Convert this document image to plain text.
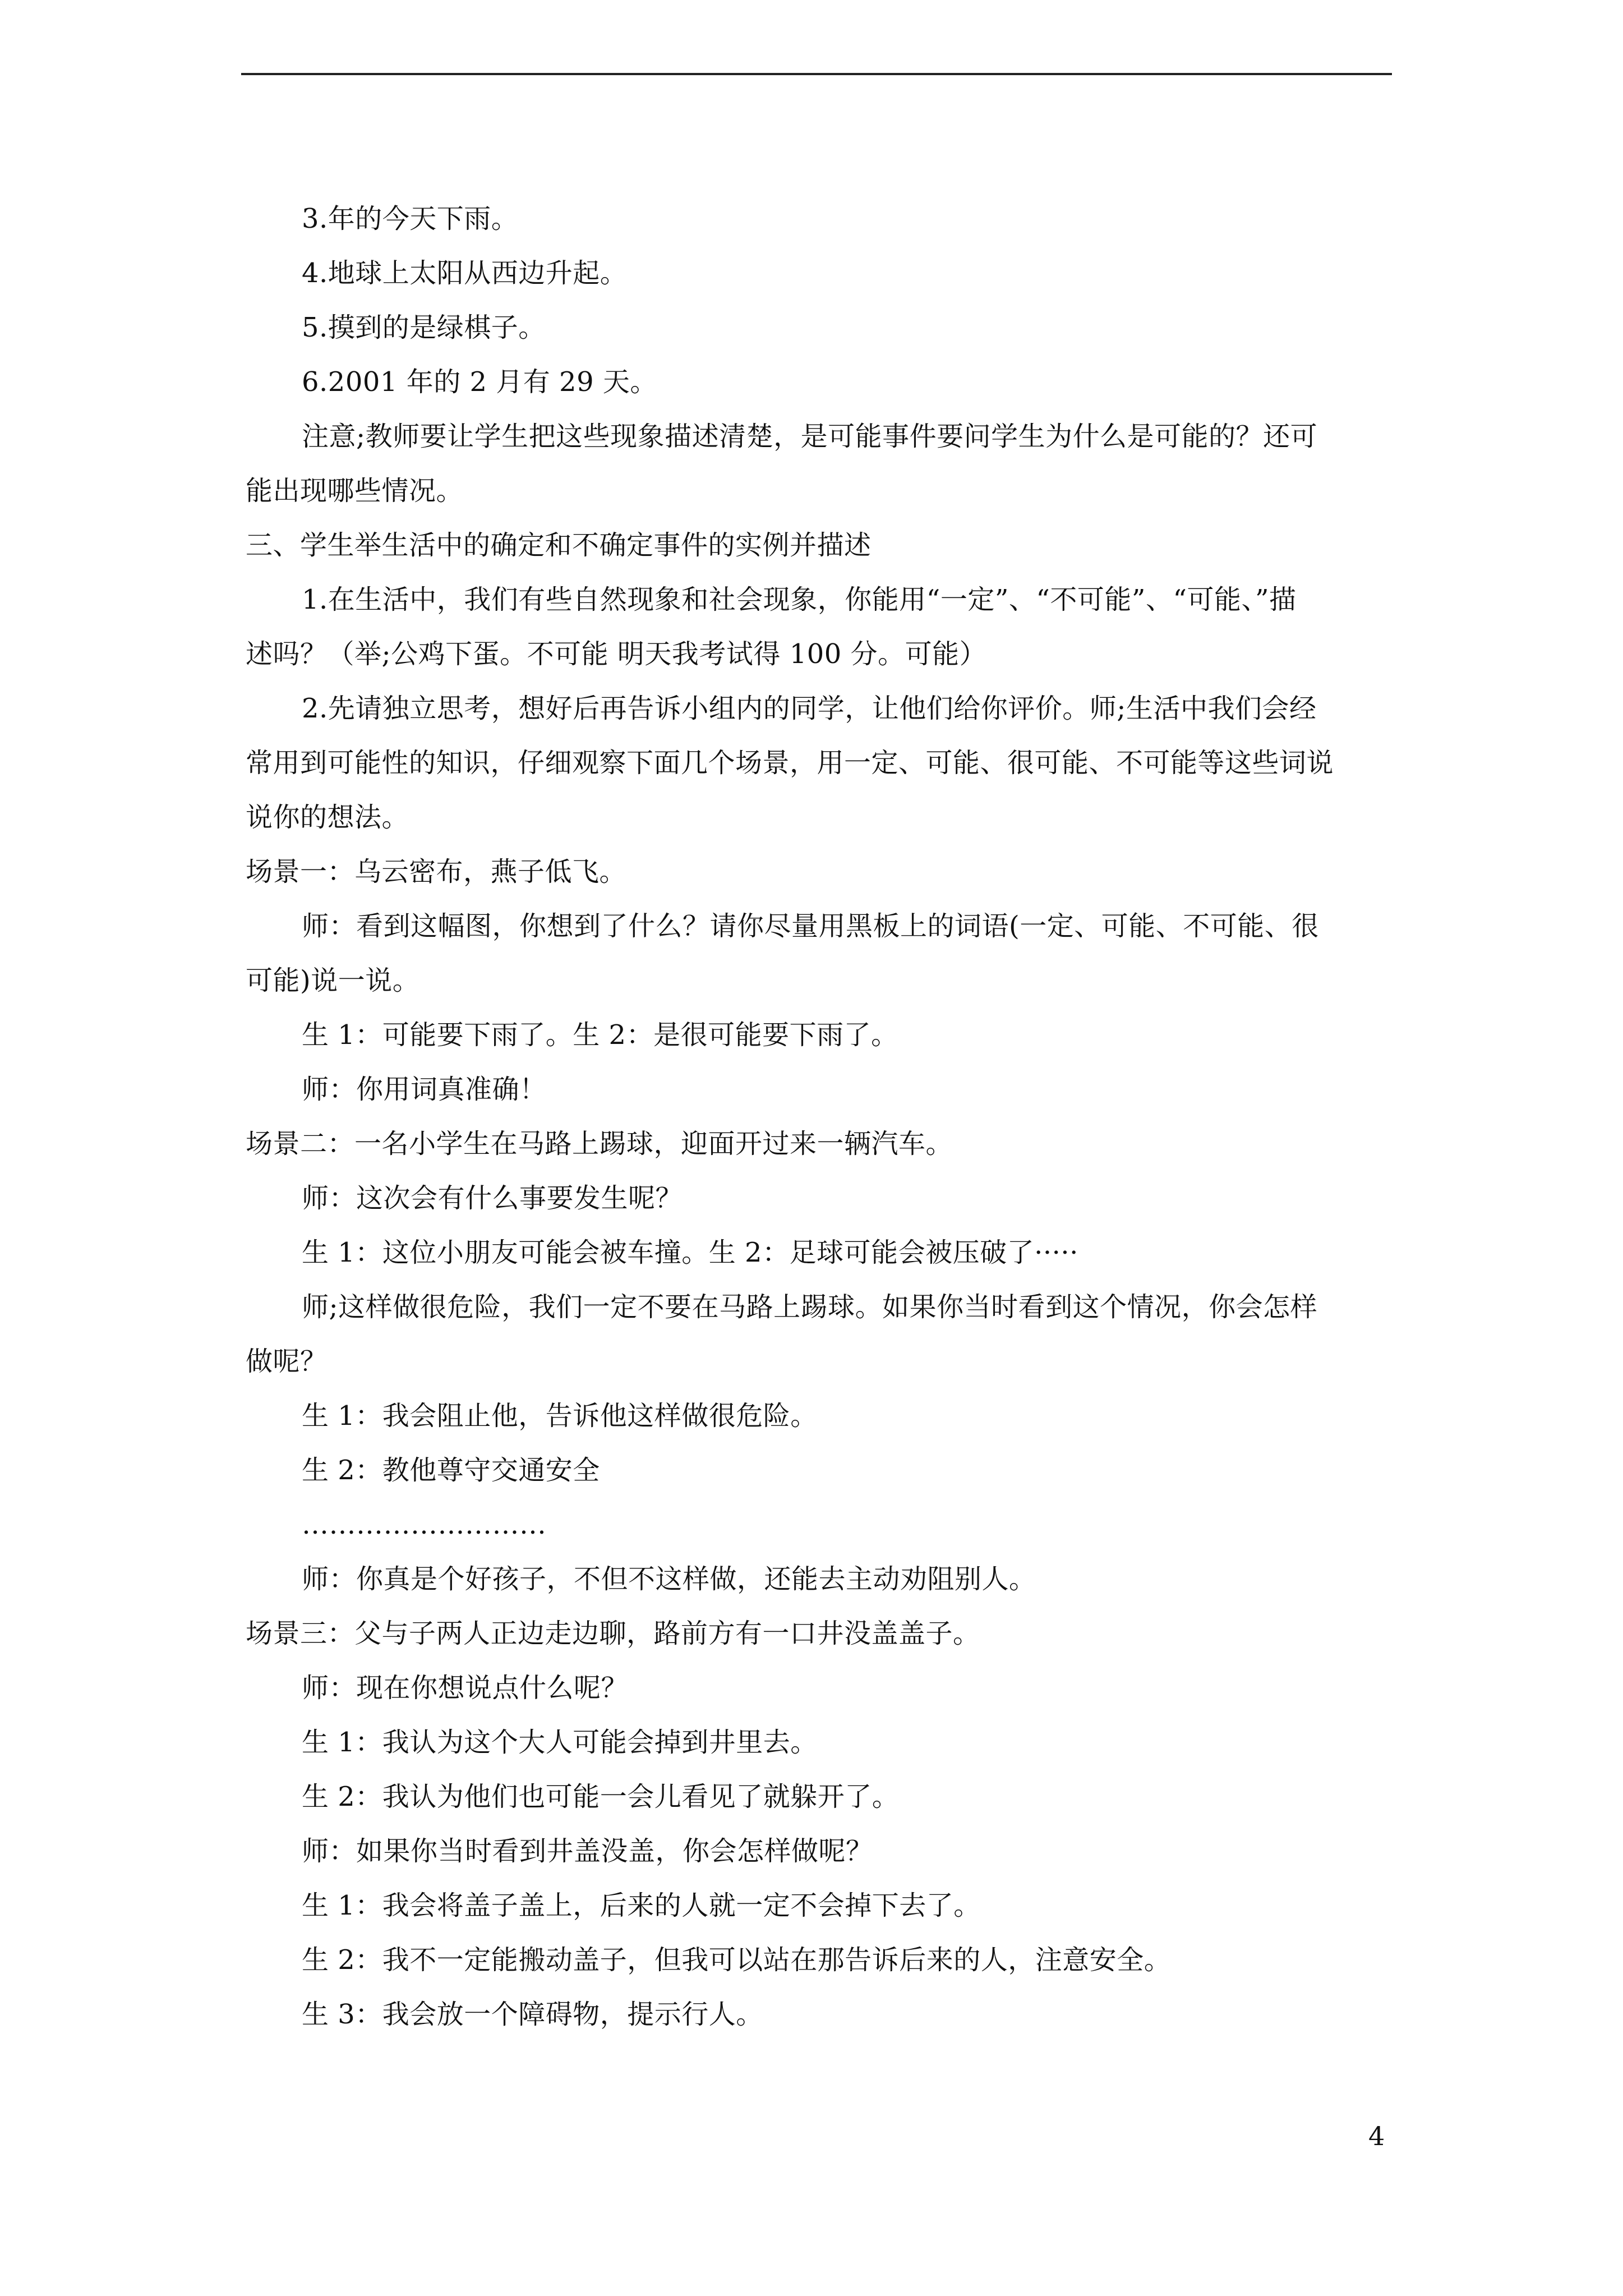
3.年的今天下雨。
4.地球上太阳从西边升起。
5.摸到的是绿棋子。
6.2001 年的 2 月有 29 天。
注意;教师要让学生把这些现象描述清楚，是可能事件要问学生为什么是可能的？还可
能出现哪些情况。
三、学生举生活中的确定和不确定事件的实例并描述
1.在生活中，我们有些自然现象和社会现象，你能用“一定”、“不可能”、“可能、”描
述吗？（举;公鸡下蛋。不可能 明天我考试得 100 分。可能）
2.先请独立思考，想好后再告诉小组内的同学，让他们给你评价。师;生活中我们会经
常用到可能性的知识，仔细观察下面几个场景，用一定、可能、很可能、不可能等这些词说
说你的想法。
场景一：乌云密布，燕子低飞。
师：看到这幅图，你想到了什么？请你尽量用黑板上的词语(一定、可能、不可能、很
可能)说一说。
生 1：可能要下雨了。生 2：是很可能要下雨了。
师：你用词真准确！
场景二：一名小学生在马路上踢球，迎面开过来一辆汽车。
师：这次会有什么事要发生呢？
生 1：这位小朋友可能会被车撞。生 2：足球可能会被压破了·····
师;这样做很危险，我们一定不要在马路上踢球。如果你当时看到这个情况，你会怎样
做呢？
生 1：我会阻止他，告诉他这样做很危险。
生 2：教他尊守交通安全
………………………
师：你真是个好孩子，不但不这样做，还能去主动劝阻别人。
场景三：父与子两人正边走边聊，路前方有一口井没盖盖子。
师：现在你想说点什么呢？
生 1：我认为这个大人可能会掉到井里去。
生 2：我认为他们也可能一会儿看见了就躲开了。
师：如果你当时看到井盖没盖，你会怎样做呢？
生 1：我会将盖子盖上，后来的人就一定不会掉下去了。
生 2：我不一定能搬动盖子，但我可以站在那告诉后来的人，注意安全。
生 3：我会放一个障碍物，提示行人。
4
